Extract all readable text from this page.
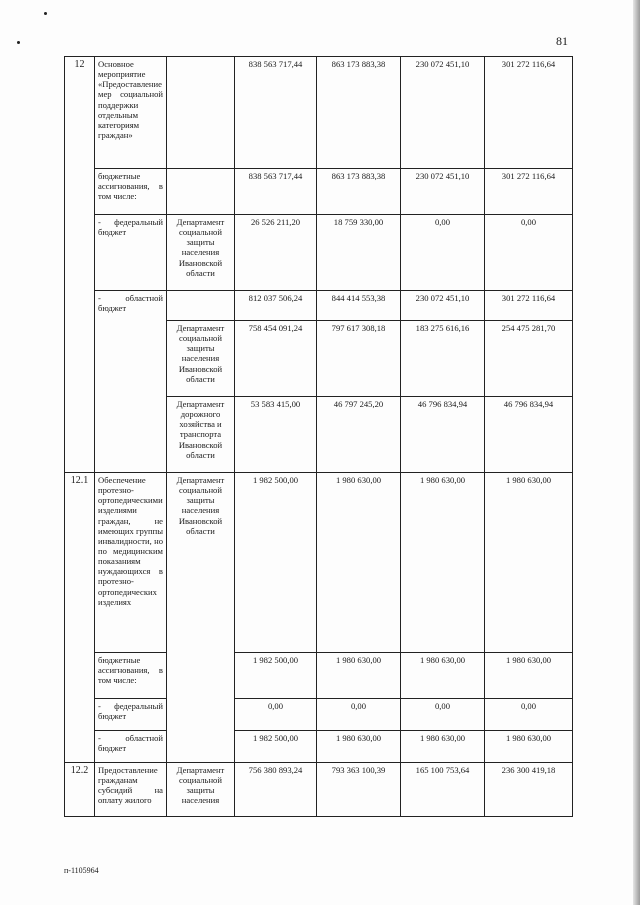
81
12	Основное мероприятие «Предоставление мер социальной поддержки отдельным категориям граждан»		838 563 717,44	863 173 883,38	230 072 451,10	301 272 116,64
	бюджетные ассигнования, в том числе:		838 563 717,44	863 173 883,38	230 072 451,10	301 272 116,64
	- федеральный бюджет	Департамент социальной защиты населения Ивановской области	26 526 211,20	18 759 330,00	0,00	0,00
	- областной бюджет		812 037 506,24	844 414 553,38	230 072 451,10	301 272 116,64
		Департамент социальной защиты населения Ивановской области	758 454 091,24	797 617 308,18	183 275 616,16	254 475 281,70
		Департамент дорожного хозяйства и транспорта Ивановской области	53 583 415,00	46 797 245,20	46 796 834,94	46 796 834,94
12.1	Обеспечение протезно-ортопедическими изделиями граждан, не имеющих группы инвалидности, но по медицинским показаниям нуждающихся в протезно-ортопедических изделиях	Департамент социальной защиты населения Ивановской области	1 982 500,00	1 980 630,00	1 980 630,00	1 980 630,00
	бюджетные ассигнования, в том числе:		1 982 500,00	1 980 630,00	1 980 630,00	1 980 630,00
	- федеральный бюджет		0,00	0,00	0,00	0,00
	- областной бюджет		1 982 500,00	1 980 630,00	1 980 630,00	1 980 630,00
12.2	Предоставление гражданам субсидий на оплату жилого	Департамент социальной защиты населения	756 380 893,24	793 363 100,39	165 100 753,64	236 300 419,18
п-1105964
